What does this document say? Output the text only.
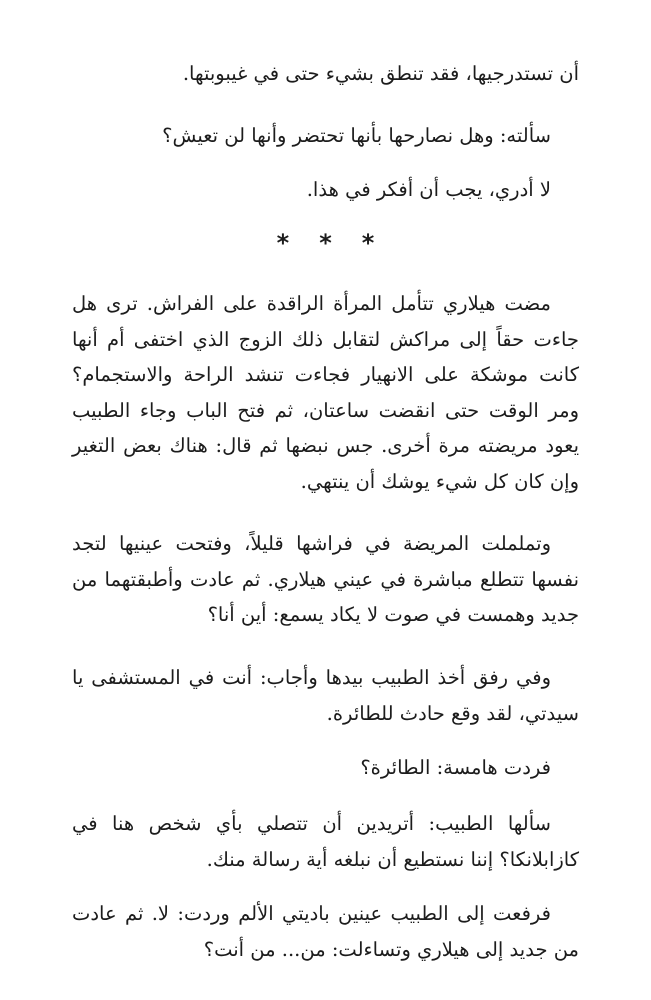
أن تستدرجيها، فقد تنطق بشيء حتى في غيبوبتها.

سألته: وهل نصارحها بأنها تحتضر وأنها لن تعيش؟

لا أدري، يجب أن أفكر في هذا.

* * *

مضت هيلاري تتأمل المرأة الراقدة على الفراش. ترى هل جاءت حقاً إلى مراكش لتقابل ذلك الزوج الذي اختفى أم أنها كانت موشكة على الانهيار فجاءت تنشد الراحة والاستجمام؟ ومر الوقت حتى انقضت ساعتان، ثم فتح الباب وجاء الطبيب يعود مريضته مرة أخرى. جس نبضها ثم قال: هناك بعض التغير وإن كان كل شيء يوشك أن ينتهي.

وتململت المريضة في فراشها قليلاً، وفتحت عينيها لتجد نفسها تتطلع مباشرة في عيني هيلاري. ثم عادت وأطبقتهما من جديد وهمست في صوت لا يكاد يسمع: أين أنا؟

وفي رفق أخذ الطبيب بيدها وأجاب: أنت في المستشفى يا سيدتي، لقد وقع حادث للطائرة.

فردت هامسة: الطائرة؟

سألها الطبيب: أتريدين أن تتصلي بأي شخص هنا في كازابلانكا؟ إننا نستطيع أن نبلغه أية رسالة منك.

فرفعت إلى الطبيب عينين باديتي الألم وردت: لا. ثم عادت من جديد إلى هيلاري وتساءلت: من... من أنت؟
